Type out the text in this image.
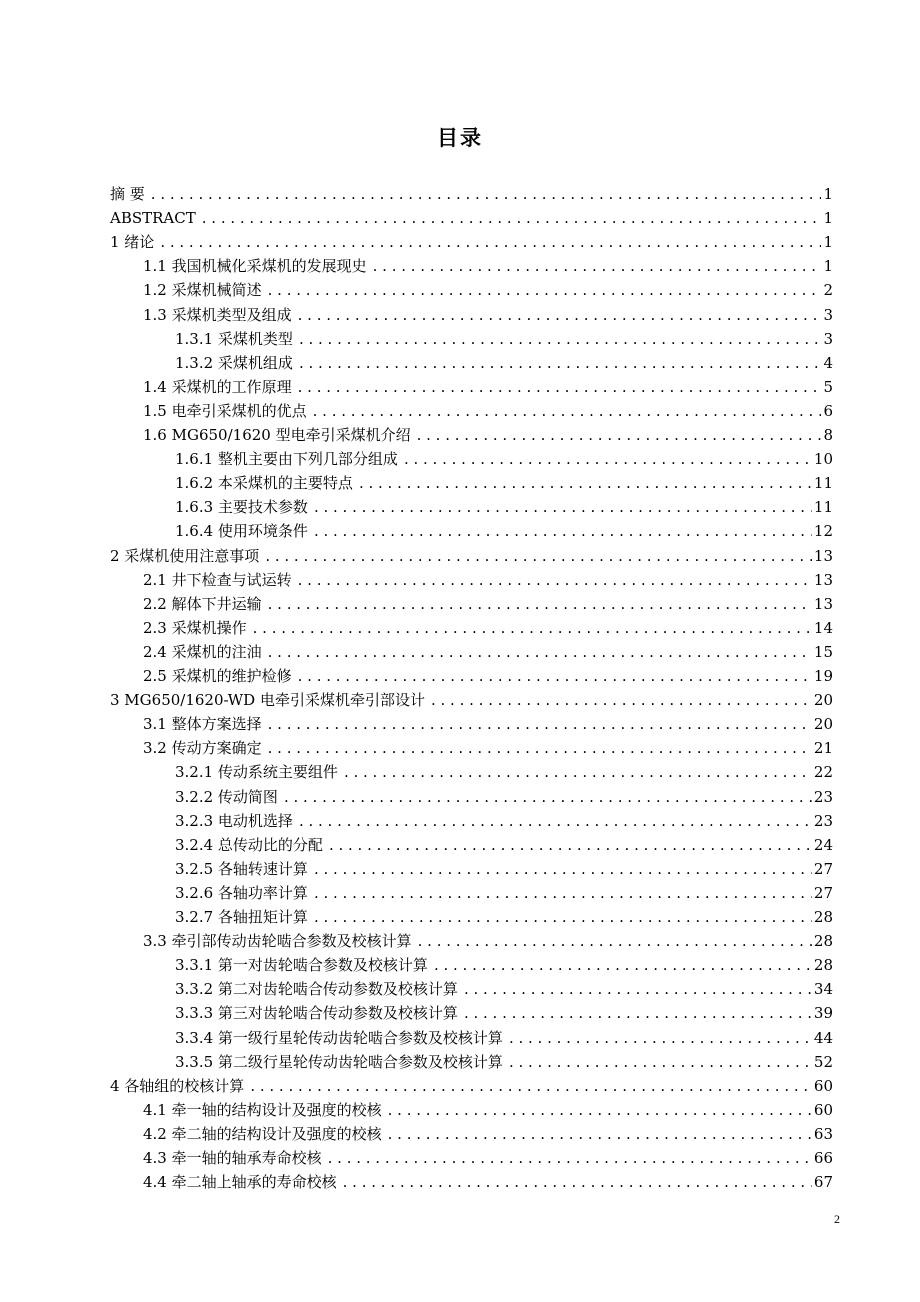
目录
摘 要 . . .	1
ABSTRACT . . .	1
1 绪论 . . .	1
1.1 我国机械化采煤机的发展现史 . . .	1
1.2 采煤机械简述 . . .	2
1.3 采煤机类型及组成 . . .	3
1.3.1 采煤机类型 . . .	3
1.3.2 采煤机组成 . . .	4
1.4 采煤机的工作原理 . . .	5
1.5 电牵引采煤机的优点 . . .	6
1.6 MG650/1620 型电牵引采煤机介绍 . . .	8
1.6.1 整机主要由下列几部分组成 . . .	10
1.6.2 本采煤机的主要特点 . . .	11
1.6.3 主要技术参数 . . .	11
1.6.4 使用环境条件 . . .	12
2 采煤机使用注意事项 . . .	13
2.1 井下检查与试运转 . . .	13
2.2 解体下井运输 . . .	13
2.3 采煤机操作 . . .	14
2.4 采煤机的注油 . . .	15
2.5 采煤机的维护检修 . . .	19
3 MG650/1620-WD 电牵引采煤机牵引部设计 . . .	20
3.1 整体方案选择 . . .	20
3.2 传动方案确定 . . .	21
3.2.1 传动系统主要组件 . . .	22
3.2.2 传动简图 . . .	23
3.2.3 电动机选择 . . .	23
3.2.4 总传动比的分配 . . .	24
3.2.5 各轴转速计算 . . .	27
3.2.6 各轴功率计算 . . .	27
3.2.7 各轴扭矩计算 . . .	28
3.3 牵引部传动齿轮啮合参数及校核计算 . . .	28
3.3.1 第一对齿轮啮合参数及校核计算 . . .	28
3.3.2 第二对齿轮啮合传动参数及校核计算 . . .	34
3.3.3 第三对齿轮啮合传动参数及校核计算 . . .	39
3.3.4 第一级行星轮传动齿轮啮合参数及校核计算 . . .	44
3.3.5 第二级行星轮传动齿轮啮合参数及校核计算 . . .	52
4 各轴组的校核计算 . . .	60
4.1 牵一轴的结构设计及强度的校核 . . .	60
4.2 牵二轴的结构设计及强度的校核 . . .	63
4.3 牵一轴的轴承寿命校核 . . .	66
4.4 牵二轴上轴承的寿命校核 . . .	67
2
